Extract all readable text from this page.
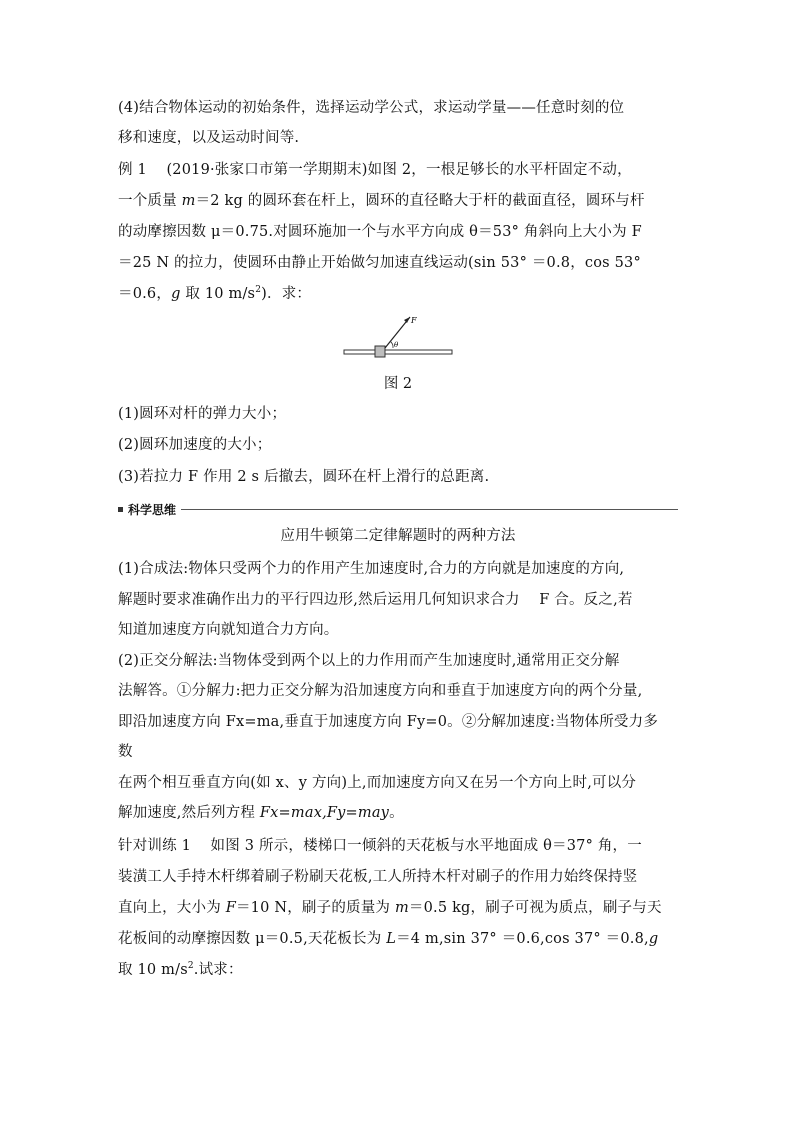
(4)结合物体运动的初始条件，选择运动学公式，求运动学量——任意时刻的位
移和速度，以及运动时间等.
例 1　 (2019·张家口市第一学期期末)如图 2，一根足够长的水平杆固定不动，
一个质量 m＝2 kg 的圆环套在杆上，圆环的直径略大于杆的截面直径，圆环与杆
的动摩擦因数 μ＝0.75.对圆环施加一个与水平方向成 θ＝53° 角斜向上大小为 F
＝25 N 的拉力，使圆环由静止开始做匀加速直线运动(sin 53° ＝0.8，cos 53°
＝0.6，g 取 10 $m/s^2$)．求：
F
θ
图 2
(1)圆环对杆的弹力大小；
(2)圆环加速度的大小；
(3)若拉力 F 作用 2 s 后撤去，圆环在杆上滑行的总距离.
科学思维
应用牛顿第二定律解题时的两种方法
(1)合成法:物体只受两个力的作用产生加速度时,合力的方向就是加速度的方向,
解题时要求准确作出力的平行四边形,然后运用几何知识求合力　 F 合。反之,若
知道加速度方向就知道合力方向。
(2)正交分解法:当物体受到两个以上的力作用而产生加速度时,通常用正交分解
法解答。①分解力:把力正交分解为沿加速度方向和垂直于加速度方向的两个分量,
即沿加速度方向 Fx=ma,垂直于加速度方向 Fy=0。②分解加速度:当物体所受力多
数
在两个相互垂直方向(如 x、y 方向)上,而加速度方向又在另一个方向上时,可以分
解加速度,然后列方程 Fx=max,Fy=may。
针对训练 1　 如图 3 所示，楼梯口一倾斜的天花板与水平地面成 θ＝37° 角，一
装潢工人手持木杆绑着刷子粉刷天花板,工人所持木杆对刷子的作用力始终保持竖
直向上，大小为 F＝10 N，刷子的质量为 m＝0.5 kg，刷子可视为质点，刷子与天
花板间的动摩擦因数 μ＝0.5,天花板长为 L＝4 m,sin 37° ＝0.6,cos 37° ＝0.8,g
取 10 $m/s^2$.试求：
